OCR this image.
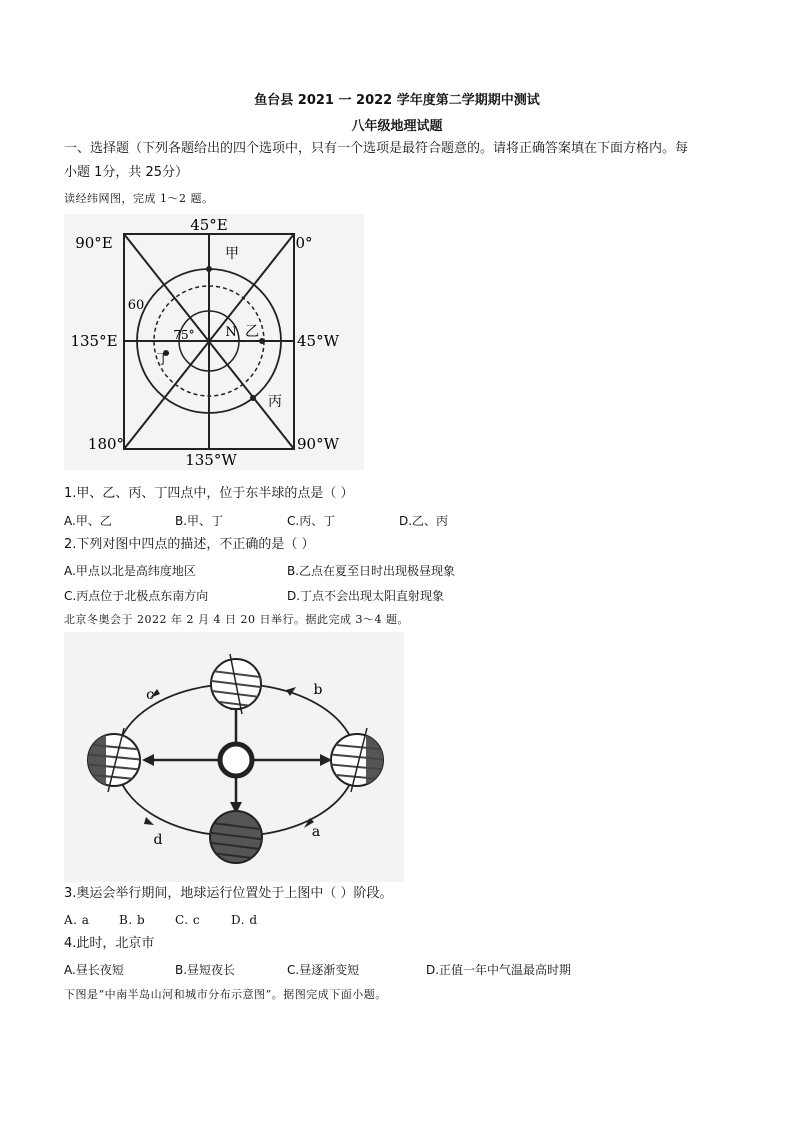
鱼台县 2021 一 2022 学年度第二学期期中测试
八年级地理试题
一、选择题（下列各题给出的四个选项中，只有一个选项是最符合题意的。请将正确答案填在下面方格内。每
小题 1分，共 25分）
读经纬网图，完成 1～2 题。
45°E
90°E	0°
135°E	45°W
180°
135°W
90°W
60
75° N
甲
乙
丙
丁
1.甲、乙、丙、丁四点中，位于东半球的点是（ ）
A.甲、乙	B.甲、丁	C.丙、丁	D.乙、丙
2.下列对图中四点的描述，不正确的是（ ）
A.甲点以北是高纬度地区	B.乙点在夏至日时出现极昼现象
C.丙点位于北极点东南方向	D.丁点不会出现太阳直射现象
北京冬奥会于 2022 年 2 月 4 日 20 日举行。据此完成 3～4 题。
c	b
d	a
3.奥运会举行期间，地球运行位置处于上图中（ ）阶段。
A. a B. b C. c	D. d
4.此时，北京市
A.昼长夜短	B.昼短夜长	C.昼逐渐变短	D.正值一年中气温最高时期
下图是“中南半岛山河和城市分布示意图”。据图完成下面小题。
